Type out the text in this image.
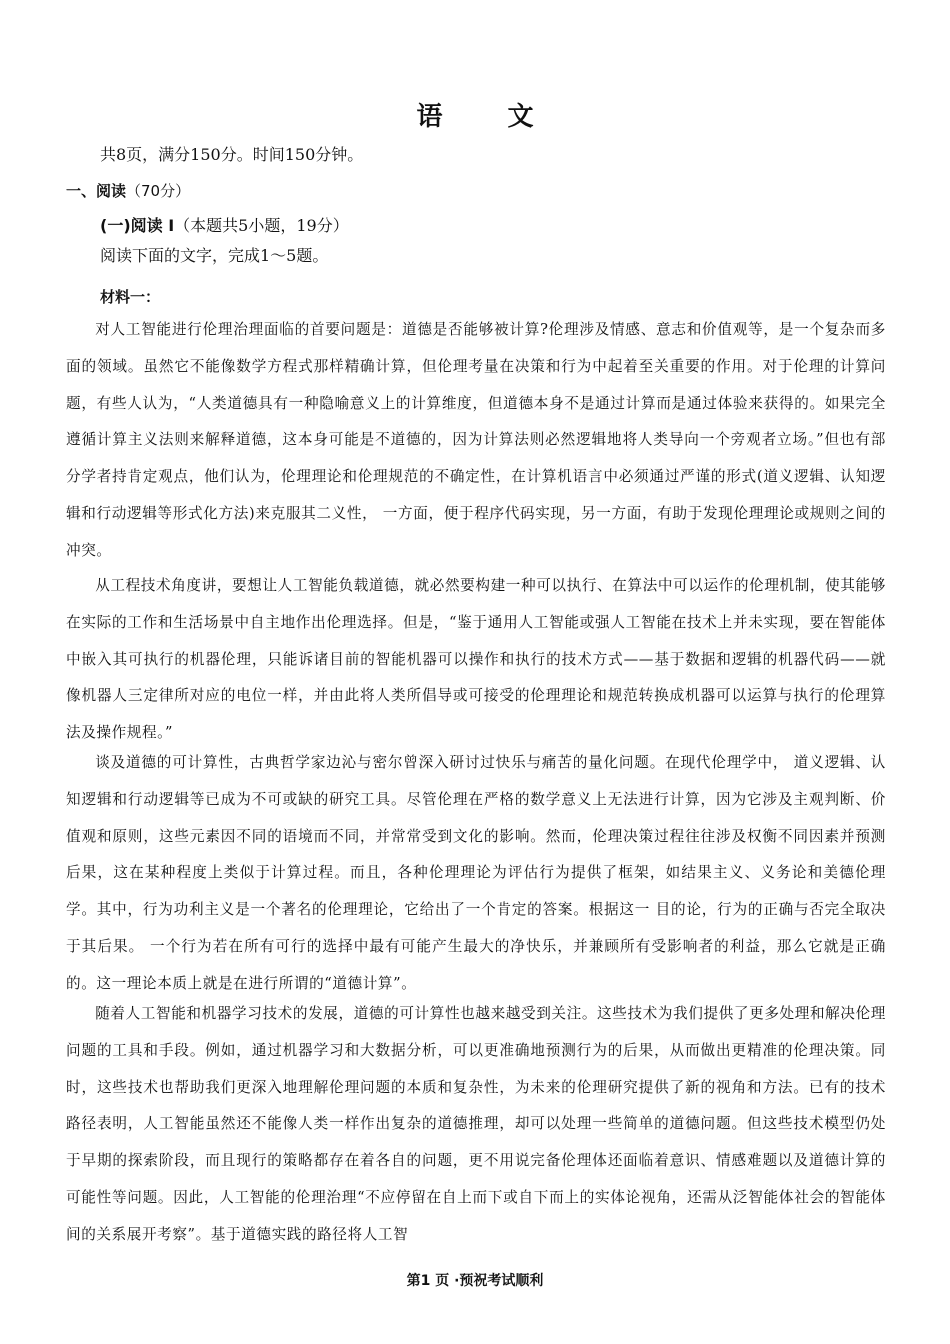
语 文
共8页，满分150分。时间150分钟。
一、阅读（70分）
(一)阅读 I（本题共5小题，19分）
阅读下面的文字，完成1～5题。
材料一：

对人工智能进行伦理治理面临的首要问题是：道德是否能够被计算?伦理涉及情感、意志和价值观等，是一个复杂而多面的领域。虽然它不能像数学方程式那样精确计算，但伦理考量在决策和行为中起着至关重要的作用。对于伦理的计算问题，有些人认为，“人类道德具有一种隐喻意义上的计算维度，但道德本身不是通过计算而是通过体验来获得的。如果完全遵循计算主义法则来解释道德，这本身可能是不道德的，因为计算法则必然逻辑地将人类导向一个旁观者立场。”但也有部分学者持肯定观点，他们认为，伦理理论和伦理规范的不确定性，在计算机语言中必须通过严谨的形式(道义逻辑、认知逻辑和行动逻辑等形式化方法)来克服其二义性， 一方面，便于程序代码实现，另一方面，有助于发现伦理理论或规则之间的冲突。

从工程技术角度讲，要想让人工智能负载道德，就必然要构建一种可以执行、在算法中可以运作的伦理机制，使其能够在实际的工作和生活场景中自主地作出伦理选择。但是，“鉴于通用人工智能或强人工智能在技术上并未实现，要在智能体中嵌入其可执行的机器伦理，只能诉诸目前的智能机器可以操作和执行的技术方式——基于数据和逻辑的机器代码——就像机器人三定律所对应的电位一样，并由此将人类所倡导或可接受的伦理理论和规范转换成机器可以运算与执行的伦理算法及操作规程。”

谈及道德的可计算性，古典哲学家边沁与密尔曾深入研讨过快乐与痛苦的量化问题。在现代伦理学中， 道义逻辑、认知逻辑和行动逻辑等已成为不可或缺的研究工具。尽管伦理在严格的数学意义上无法进行计算，因为它涉及主观判断、价值观和原则，这些元素因不同的语境而不同，并常常受到文化的影响。然而，伦理决策过程往往涉及权衡不同因素并预测后果，这在某种程度上类似于计算过程。而且，各种伦理理论为评估行为提供了框架，如结果主义、义务论和美德伦理学。其中，行为功利主义是一个著名的伦理理论，它给出了一个肯定的答案。根据这一 目的论，行为的正确与否完全取决于其后果。 一个行为若在所有可行的选择中最有可能产生最大的净快乐，并兼顾所有受影响者的利益，那么它就是正确的。这一理论本质上就是在进行所谓的“道德计算”。

随着人工智能和机器学习技术的发展，道德的可计算性也越来越受到关注。这些技术为我们提供了更多处理和解决伦理问题的工具和手段。例如，通过机器学习和大数据分析，可以更准确地预测行为的后果，从而做出更精准的伦理决策。同时，这些技术也帮助我们更深入地理解伦理问题的本质和复杂性，为未来的伦理研究提供了新的视角和方法。已有的技术路径表明，人工智能虽然还不能像人类一样作出复杂的道德推理，却可以处理一些简单的道德问题。但这些技术模型仍处于早期的探索阶段，而且现行的策略都存在着各自的问题，更不用说完备伦理体还面临着意识、情感难题以及道德计算的可能性等问题。因此，人工智能的伦理治理“不应停留在自上而下或自下而上的实体论视角，还需从泛智能体社会的智能体间的关系展开考察”。基于道德实践的路径将人工智

第1 页 ·预祝考试顺利
